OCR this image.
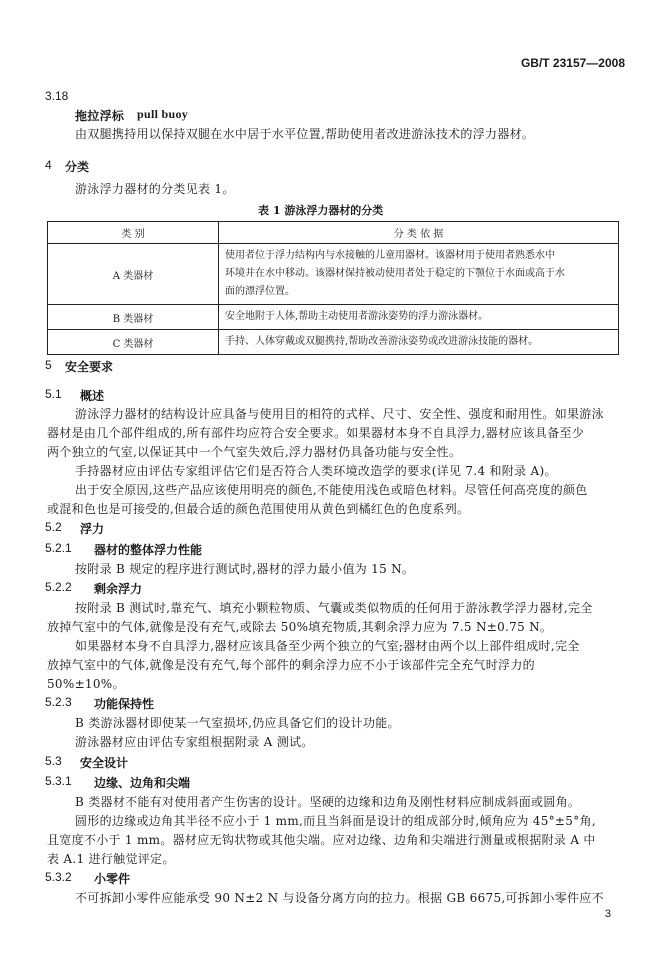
GB/T 23157—2008
3.18
拖拉浮标 pull buoy
由双腿携持用以保持双腿在水中居于水平位置,帮助使用者改进游泳技术的浮力器材。
4 分类
游泳浮力器材的分类见表 1。
表 1 游泳浮力器材的分类
类 别	分 类 依 据
A 类器材	使用者位于浮力结构内与水接触的儿童用器材。该器材用于使用者熟悉水中
环境并在水中移动。该器材保持被动使用者处于稳定的下颚位于水面或高于水
面的漂浮位置。

B 类器材	安全地附于人体,帮助主动使用者游泳姿势的浮力游泳器材。

C 类器材	手持、人体穿戴或双腿携持,帮助改善游泳姿势或改进游泳技能的器材。
5 安全要求
5.1 概述
游泳浮力器材的结构设计应具备与使用目的相符的式样、尺寸、安全性、强度和耐用性。如果游泳
器材是由几个部件组成的,所有部件均应符合安全要求。如果器材本身不自具浮力,器材应该具备至少
两个独立的气室,以保证其中一个气室失效后,浮力器材仍具备功能与安全性。
手持器材应由评估专家组评估它们是否符合人类环境改造学的要求(详见 7.4 和附录 A)。
出于安全原因,这些产品应该使用明亮的颜色,不能使用浅色或暗色材料。尽管任何高亮度的颜色
或混和色也是可接受的,但最合适的颜色范围使用从黄色到橘红色的色度系列。
5.2 浮力
5.2.1 器材的整体浮力性能
按附录 B 规定的程序进行测试时,器材的浮力最小值为 15 N。
5.2.2 剩余浮力
按附录 B 测试时,靠充气、填充小颗粒物质、气囊或类似物质的任何用于游泳教学浮力器材,完全
放掉气室中的气体,就像是没有充气,或除去 50%填充物质,其剩余浮力应为 7.5 N±0.75 N。
如果器材本身不自具浮力,器材应该具备至少两个独立的气室;器材由两个以上部件组成时,完全
放掉气室中的气体,就像是没有充气,每个部件的剩余浮力应不小于该部件完全充气时浮力的
50%±10%。
5.2.3 功能保持性
B 类游泳器材即使某一气室损坏,仍应具备它们的设计功能。
游泳器材应由评估专家组根据附录 A 测试。
5.3 安全设计
5.3.1 边缘、边角和尖端
B 类器材不能有对使用者产生伤害的设计。坚硬的边缘和边角及刚性材料应制成斜面或圆角。
圆形的边缘或边角其半径不应小于 1 mm,而且当斜面是设计的组成部分时,倾角应为 45°±5°角,
且宽度不小于 1 mm。器材应无钩状物或其他尖端。应对边缘、边角和尖端进行测量或根据附录 A 中
表 A.1 进行触觉评定。
5.3.2 小零件
不可拆卸小零件应能承受 90 N±2 N 与设备分离方向的拉力。根据 GB 6675,可拆卸小零件应不
3
